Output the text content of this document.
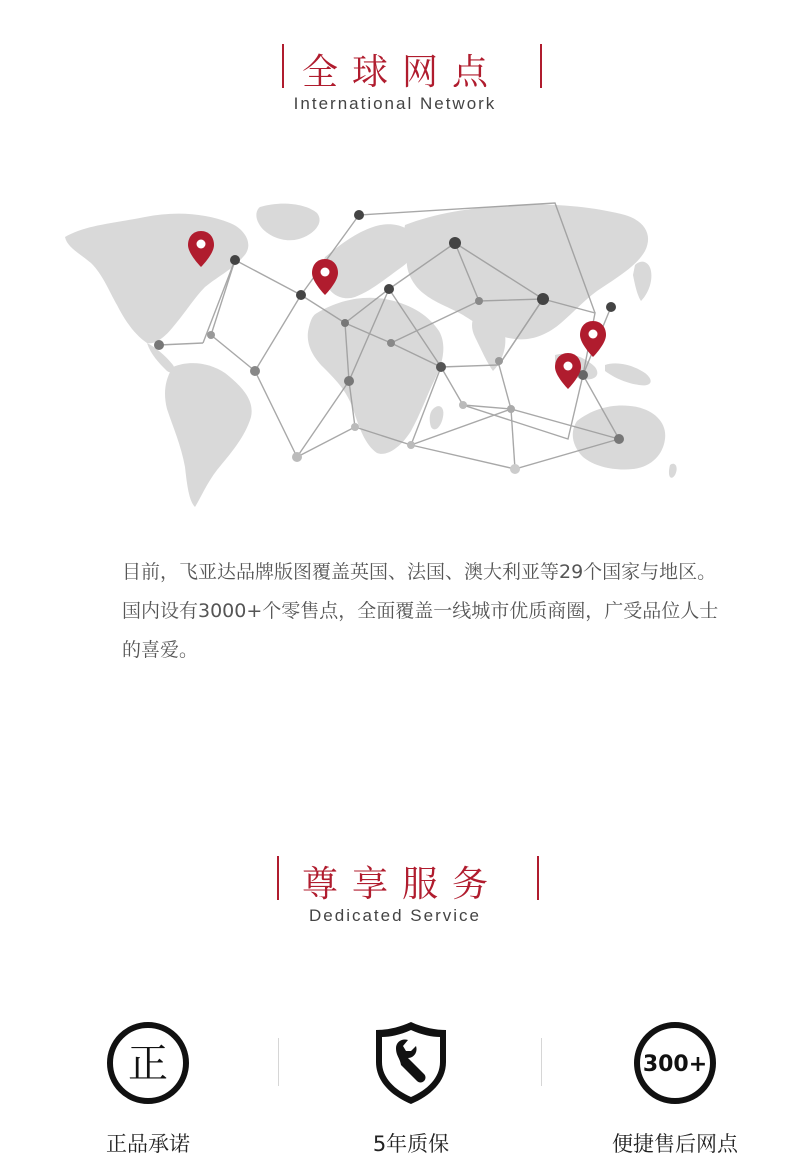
全球网点
International Network
目前，飞亚达品牌版图覆盖英国、法国、澳大利亚等29个国家与地区。国内设有3000+个零售点，全面覆盖一线城市优质商圈，广受品位人士的喜爱。
尊享服务
Dedicated Service
正
正品承诺	5年质保
300+
便捷售后网点
